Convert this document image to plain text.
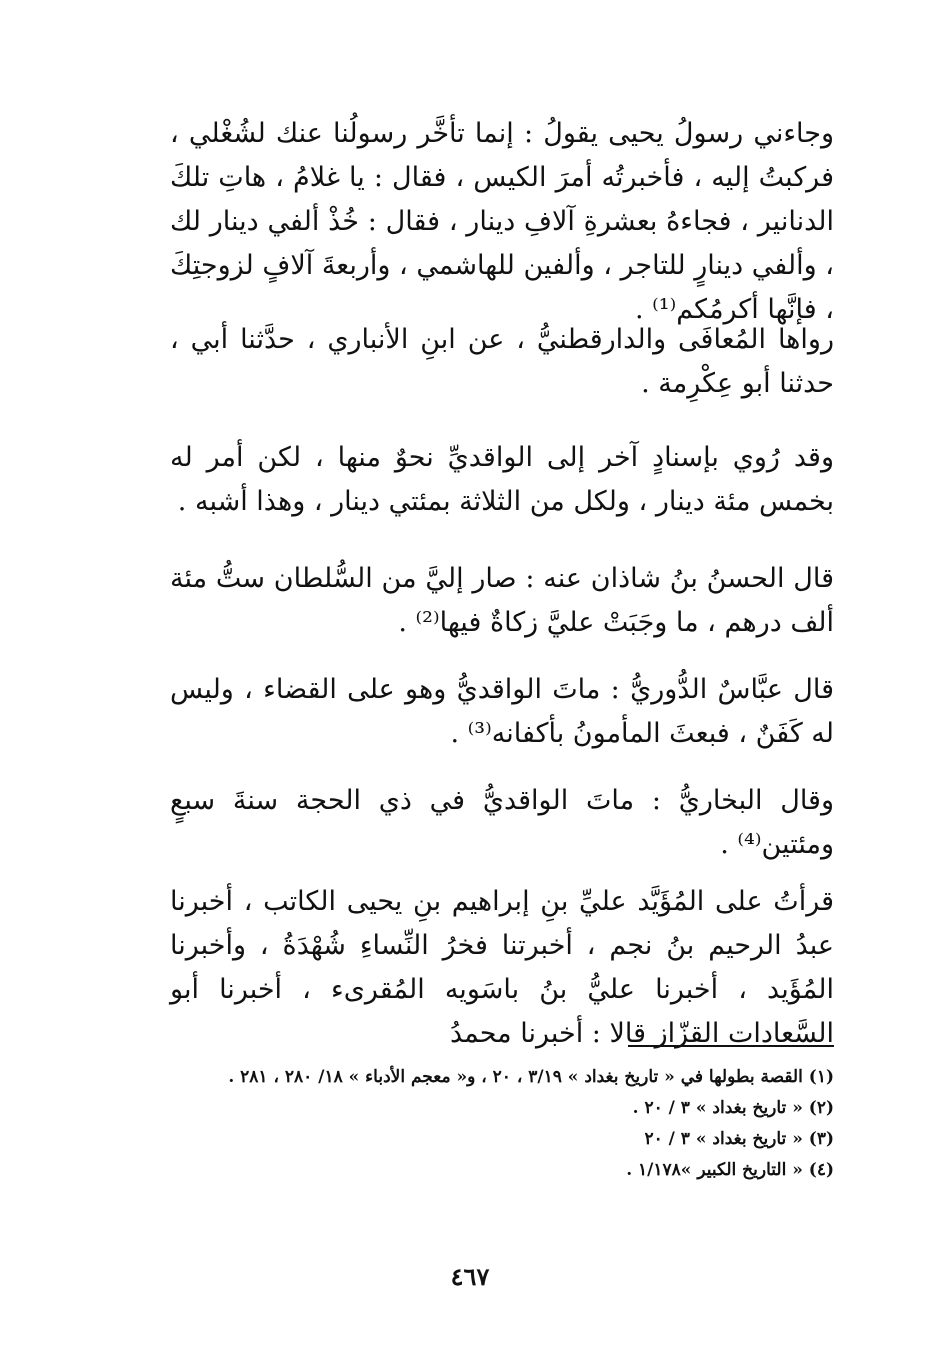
وجاءني رسولُ يحيى يقولُ : إنما تأخَّر رسولُنا عنك لشُغْلي ، فركبتُ إليه ، فأخبرتُه أمرَ الكيس ، فقال : يا غلامُ ، هاتِ تلكَ الدنانير ، فجاءهُ بعشرةِ آلافِ دينار ، فقال : خُذْ ألفي دينار لك ، وألفي دينارٍ للتاجر ، وألفين للهاشمي ، وأربعةَ آلافٍ لزوجتِكَ ، فإنَّها أكرمُكم⁽¹⁾ .

رواها المُعافَى والدارقطنيُّ ، عن ابنِ الأنباري ، حدَّثنا أبي ، حدثنا أبو عِكْرِمة .

وقد رُوي بإسنادٍ آخر إلى الواقديِّ نحوٌ منها ، لكن أمر له بخمس مئة دينار ، ولكل من الثلاثة بمئتي دينار ، وهذا أشبه .

قال الحسنُ بنُ شاذان عنه : صار إليَّ من السُّلطان ستُّ مئة ألف درهم ، ما وجَبَتْ عليَّ زكاةٌ فيها⁽²⁾ .

قال عبَّاسٌ الدُّوريُّ : ماتَ الواقديُّ وهو على القضاء ، وليس له كَفَنٌ ، فبعثَ المأمونُ بأكفانه⁽³⁾ .

وقال البخاريُّ : ماتَ الواقديُّ في ذي الحجة سنةَ سبعٍ ومئتين⁽⁴⁾ .

قرأتُ على المُؤَيَّد عليِّ بنِ إبراهيم بنِ يحيى الكاتب ، أخبرنا عبدُ الرحيم بنُ نجم ، أخبرتنا فخرُ النِّساءِ شُهْدَةُ ، وأخبرنا المُؤَيد ، أخبرنا عليُّ بنُ باسَويه المُقرىء ، أخبرنا أبو السَّعادات القزّاز قالا : أخبرنا محمدُ

(١) القصة بطولها في « تاريخ بغداد » ٣/١٩ ، ٢٠ ، و« معجم الأدباء » ١٨/ ٢٨٠ ، ٢٨١ .

(٢) « تاريخ بغداد » ٣ / ٢٠ .

(٣) « تاريخ بغداد » ٣ / ٢٠

(٤) « التاريخ الكبير »١/١٧٨ .

٤٦٧
